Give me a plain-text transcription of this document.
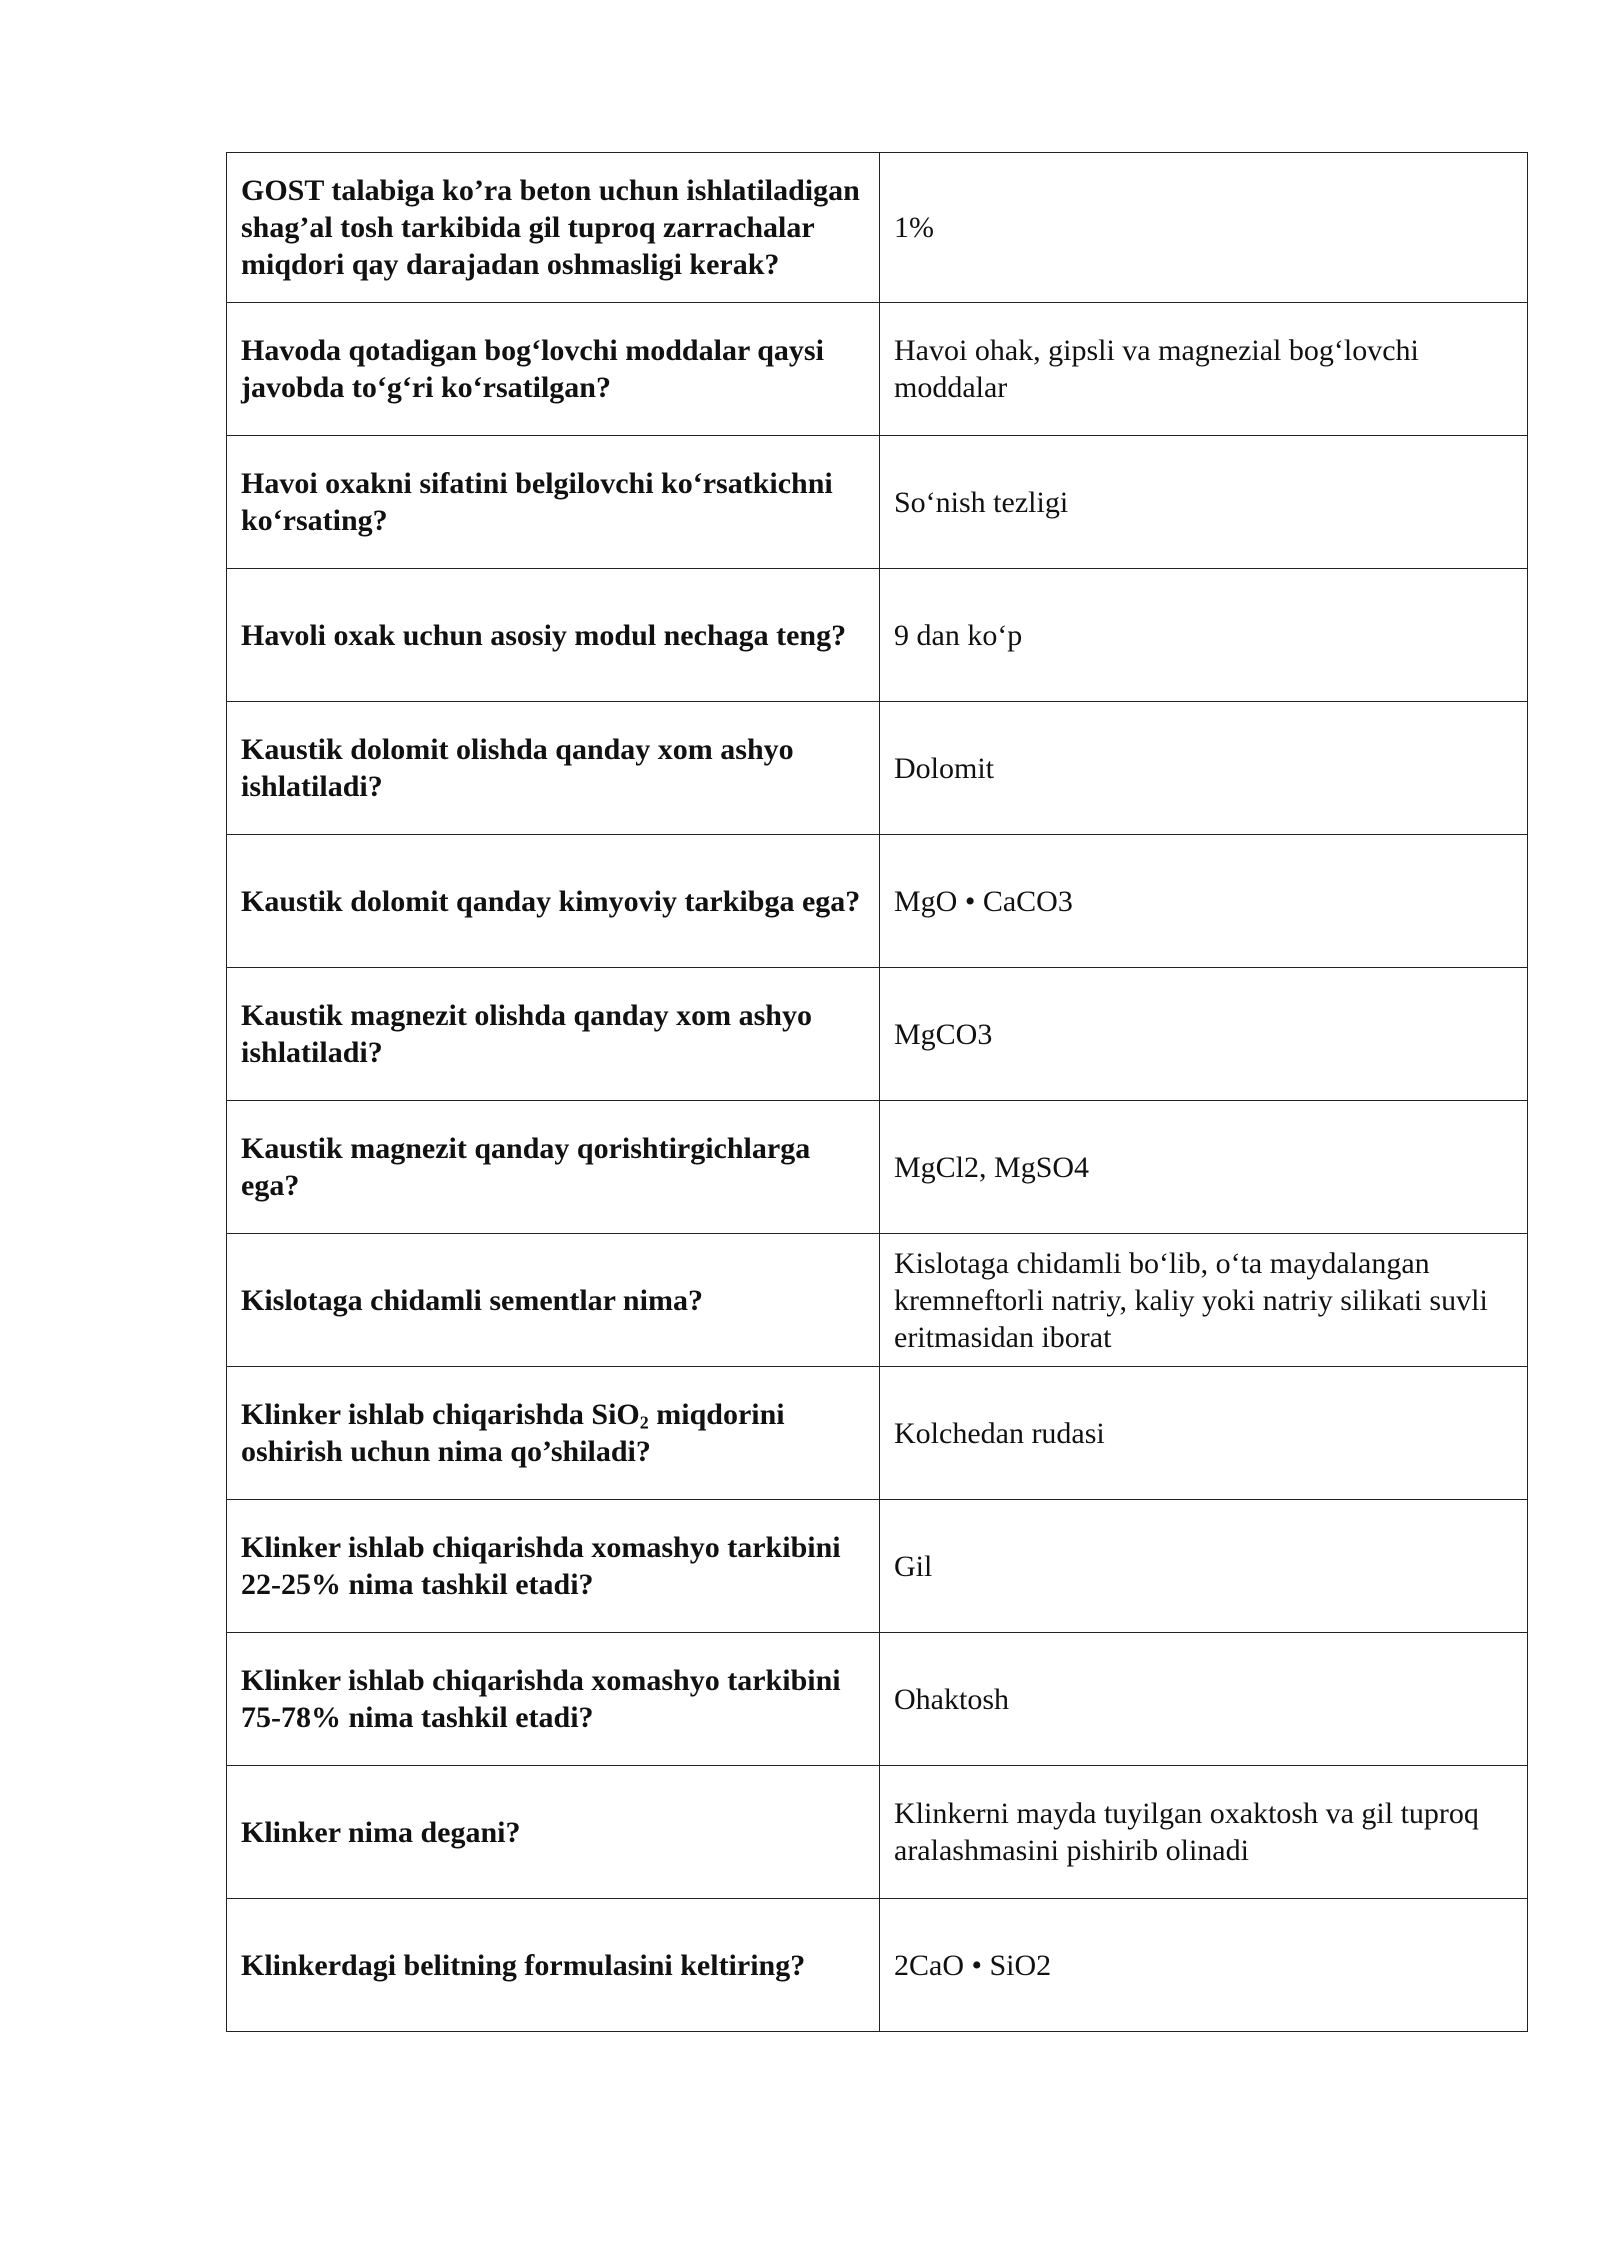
GOST talabiga ko’ra beton uchun ishlatiladigan shag’al tosh tarkibida gil tuproq zarrachalar miqdori qay darajadan oshmasligi kerak?	1%
Havoda qotadigan bog‘lovchi moddalar qaysi javobda to‘g‘ri ko‘rsatilgan?	Havoi ohak, gipsli va magnezial bog‘lovchi moddalar
Havoi oxakni sifatini belgilovchi ko‘rsatkichni ko‘rsating?	So‘nish tezligi
Havoli oxak uchun asosiy modul nechaga teng?	9 dan ko‘p
Kaustik dolomit olishda qanday xom ashyo ishlatiladi?	Dolomit
Kaustik dolomit qanday kimyoviy tarkibga ega?	MgO • CaCO3
Kaustik magnezit olishda qanday xom ashyo ishlatiladi?	MgCO3
Kaustik magnezit qanday qorishtirgichlarga ega?	MgCl2, MgSO4
Kislotaga chidamli sementlar nima?	Kislotaga chidamli bo‘lib, o‘ta maydalangan kremneftorli natriy, kaliy yoki natriy silikati suvli eritmasidan iborat
Klinker ishlab chiqarishda SiO$_2$ miqdorini oshirish uchun nima qo’shiladi?	Kolchedan rudasi
Klinker ishlab chiqarishda xomashyo tarkibini 22-25% nima tashkil etadi?	Gil
Klinker ishlab chiqarishda xomashyo tarkibini 75-78% nima tashkil etadi?	Ohaktosh
Klinker nima degani?	Klinkerni mayda tuyilgan oxaktosh va gil tuproq aralashmasini pishirib olinadi
Klinkerdagi belitning formulasini keltiring?	2CaO • SiO2
